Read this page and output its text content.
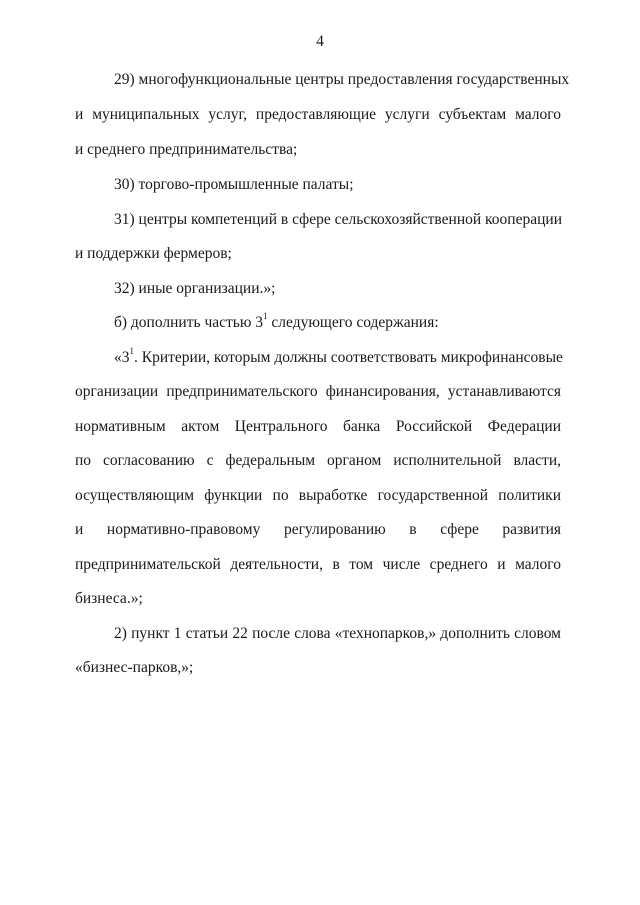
4
29) многофункциональные центры предоставления государственных
и муниципальных услуг, предоставляющие услуги субъектам малого
и среднего предпринимательства;
30) торгово-промышленные палаты;
31) центры компетенций в сфере сельскохозяйственной кооперации
и поддержки фермеров;
32) иные организации.»;
б) дополнить частью $3^1$ следующего содержания:
«$3^1$. Критерии, которым должны соответствовать микрофинансовые
организации предпринимательского финансирования, устанавливаются
нормативным актом Центрального банка Российской Федерации
по согласованию с федеральным органом исполнительной власти,
осуществляющим функции по выработке государственной политики
и нормативно-правовому регулированию в сфере развития
предпринимательской деятельности, в том числе среднего и малого
бизнеса.»;
2) пункт 1 статьи 22 после слова «технопарков,» дополнить словом
«бизнес-парков,»;
